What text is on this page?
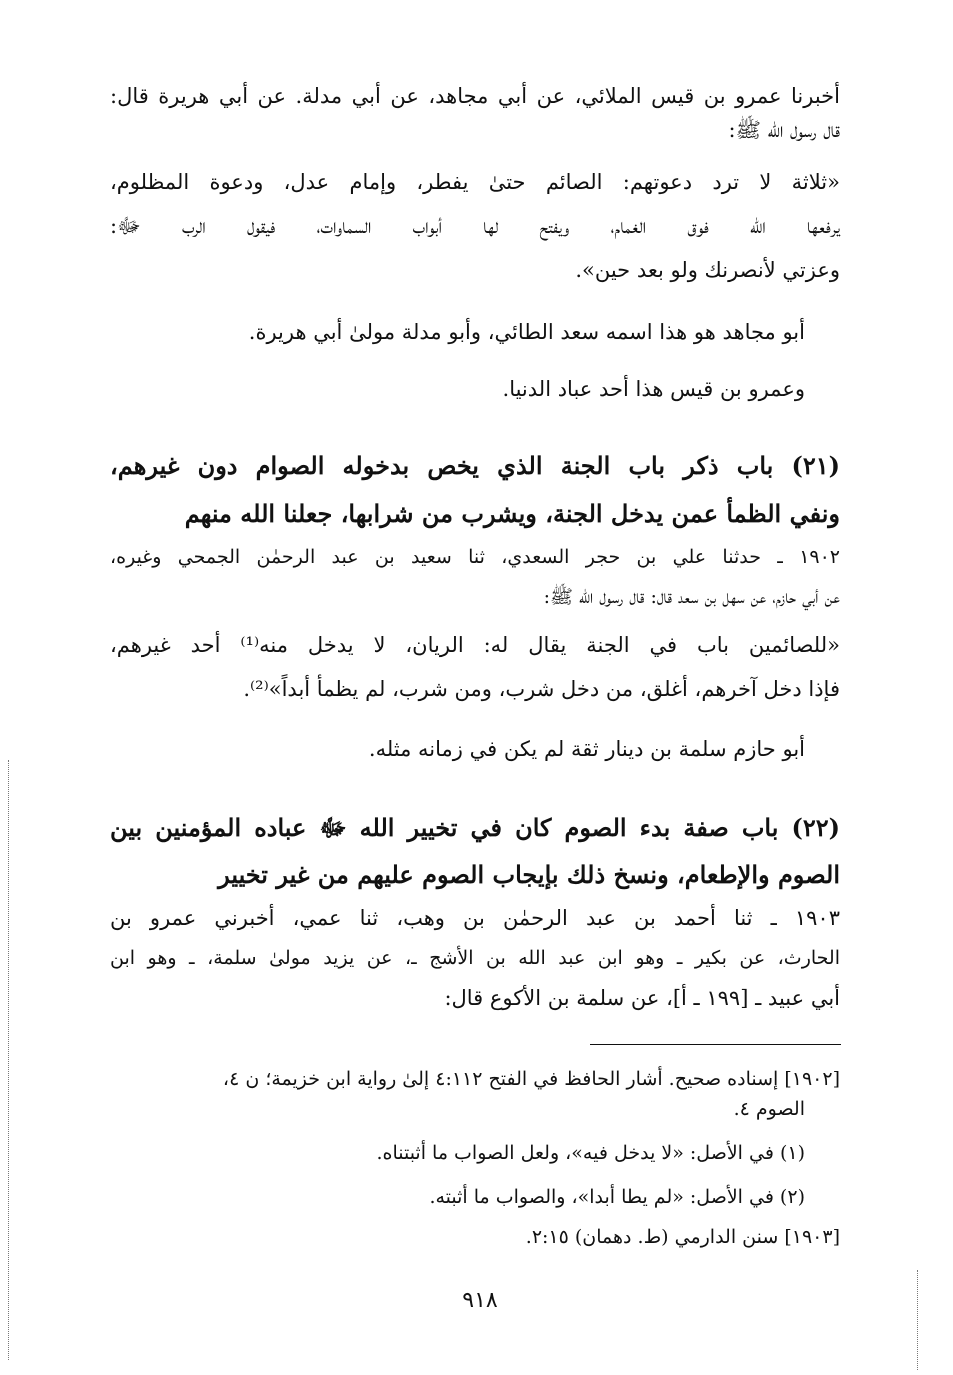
أخبرنا عمرو بن قيس الملائي، عن أبي مجاهد، عن أبي مدلة. عن أبي هريرة قال:
قال رسول الله ﷺ:
«ثلاثة لا ترد دعوتهم: الصائم حتىٰ يفطر، وإمام عدل، ودعوة المظلوم،
يرفعها الله فوق الغمام، ويفتح لها أبواب السماوات، فيقول الرب ﷻ:
وعزتي لأنصرنك ولو بعد حين».
أبو مجاهد هو هذا اسمه سعد الطائي، وأبو مدلة مولىٰ أبي هريرة.
وعمرو بن قيس هذا أحد عباد الدنيا.
(٢١) باب ذكر باب الجنة الذي يخص بدخوله الصوام دون غيرهم،
ونفي الظمأ عمن يدخل الجنة، ويشرب من شرابها، جعلنا الله منهم
١٩٠٢ ـ حدثنا علي بن حجر السعدي، ثنا سعيد بن عبد الرحمٰن الجمحي وغيره،
عن أبي حازم، عن سهل بن سعد قال: قال رسول الله ﷺ:
«للصائمين باب في الجنة يقال له: الريان، لا يدخل منه⁽¹⁾ أحد غيرهم،
فإذا دخل آخرهم، أغلق، من دخل شرب، ومن شرب، لم يظمأ أبداً»⁽²⁾.
أبو حازم سلمة بن دينار ثقة لم يكن في زمانه مثله.
(٢٢) باب صفة بدء الصوم كان في تخيير الله ﷻ عباده المؤمنين بين
الصوم والإطعام، ونسخ ذلك بإيجاب الصوم عليهم من غير تخيير
١٩٠٣ ـ ثنا أحمد بن عبد الرحمٰن بن وهب، ثنا عمي، أخبرني عمرو بن
الحارث، عن بكير ـ وهو ابن عبد الله بن الأشج ـ، عن يزيد مولىٰ سلمة، ـ وهو ابن
أبي عبيد ـ [١٩٩ ـ أ]، عن سلمة بن الأكوع قال:
[١٩٠٢] إسناده صحيح. أشار الحافظ في الفتح ٤:١١٢ إلىٰ رواية ابن خزيمة؛ ن ٤،
الصوم ٤.
(١) في الأصل: «لا يدخل فيه»، ولعل الصواب ما أثبتناه.
(٢) في الأصل: «لم يطا أبدا»، والصواب ما أثبته.
[١٩٠٣] سنن الدارمي (ط. دهمان) ٢:١٥.
٩١٨
